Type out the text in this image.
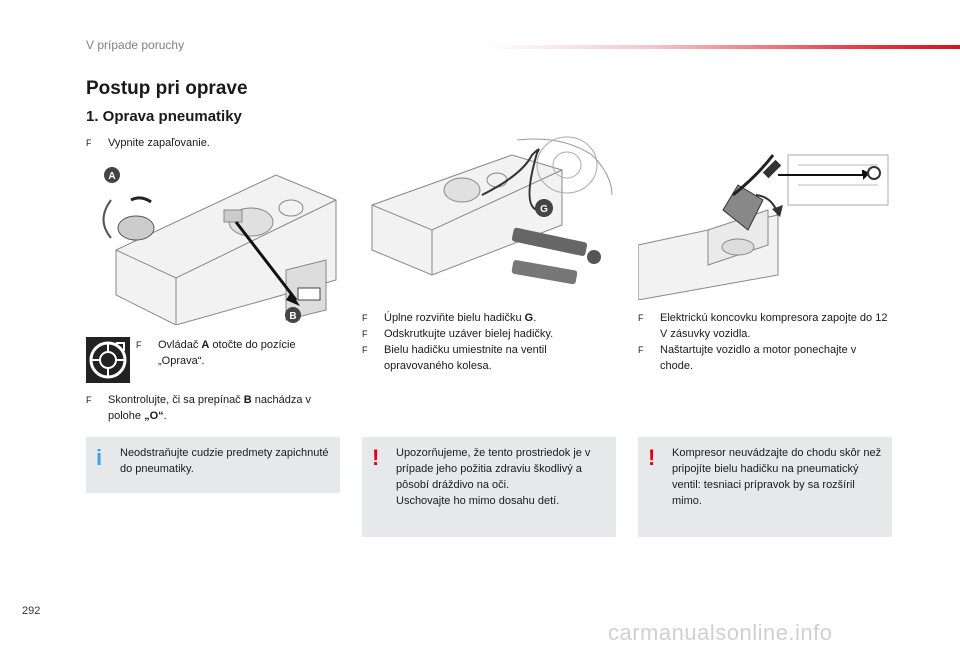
V prípade poruchy
Postup pri oprave
1. Oprava pneumatiky
F Vypnite zapaľovanie.
A
B
F Ovládač A otočte do pozície „Oprava“.
F Skontrolujte, či sa prepínač B nachádza v polohe „O“.
i Neodstraňujte cudzie predmety zapichnuté do pneumatiky.
G
F Úplne rozviňte bielu hadičku G.
F Odskrutkujte uzáver bielej hadičky.
F Bielu hadičku umiestnite na ventil opravovaného kolesa.
! Upozorňujeme, že tento prostriedok je v prípade jeho požitia zdraviu škodlivý a pôsobí dráždivo na oči.
Uschovajte ho mimo dosahu detí.
F Elektrickú koncovku kompresora zapojte do 12 V zásuvky vozidla.
F Naštartujte vozidlo a motor ponechajte v chode.
! Kompresor neuvádzajte do chodu skôr než pripojíte bielu hadičku na pneumatický ventil: tesniaci prípravok by sa rozšíril mimo.
292
carmanualsonline.info
